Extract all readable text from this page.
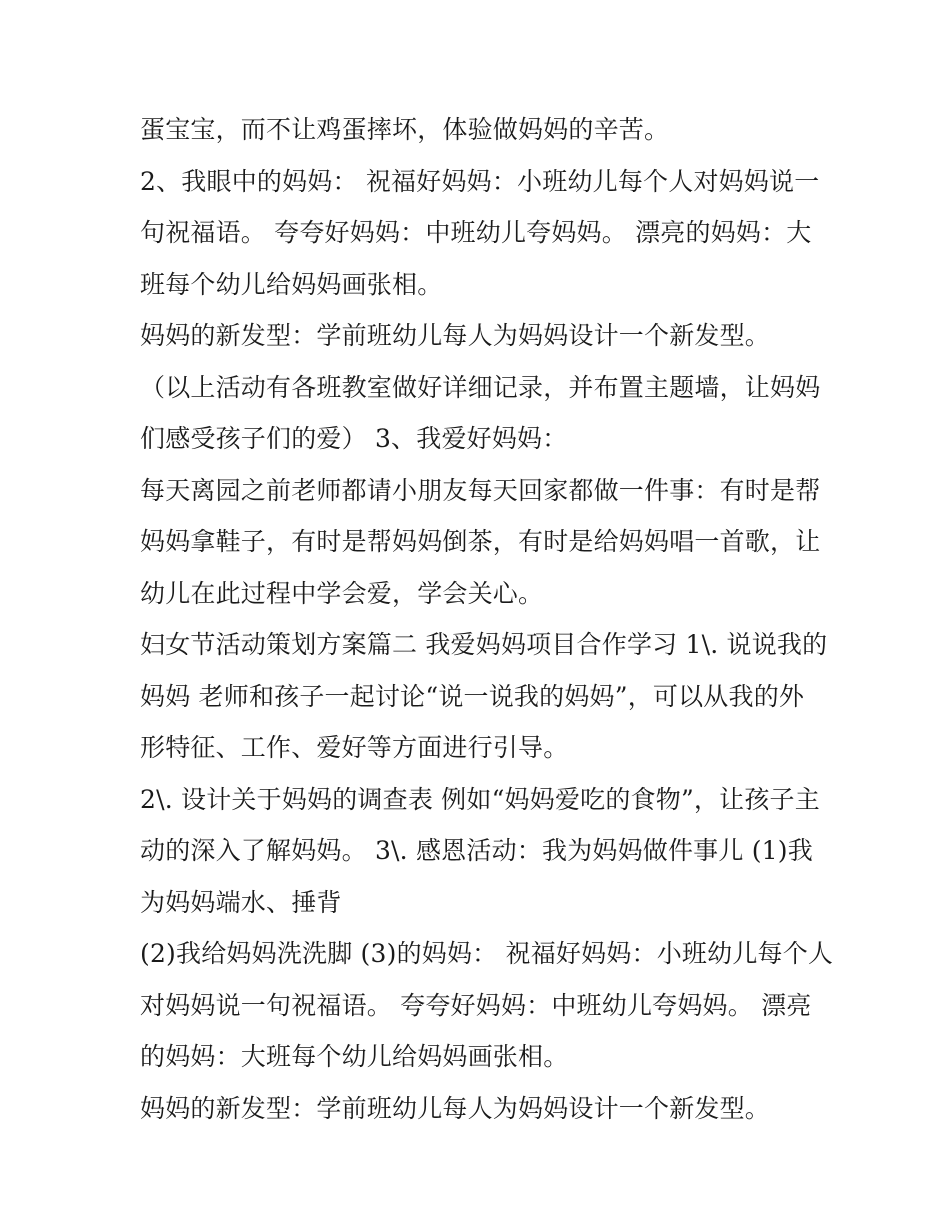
蛋宝宝，而不让鸡蛋摔坏，体验做妈妈的辛苦。
2、我眼中的妈妈： 祝福好妈妈：小班幼儿每个人对妈妈说一
句祝福语。 夸夸好妈妈：中班幼儿夸妈妈。 漂亮的妈妈：大
班每个幼儿给妈妈画张相。
妈妈的新发型：学前班幼儿每人为妈妈设计一个新发型。
（以上活动有各班教室做好详细记录，并布置主题墙，让妈妈
们感受孩子们的爱） 3、我爱好妈妈：
每天离园之前老师都请小朋友每天回家都做一件事：有时是帮
妈妈拿鞋子，有时是帮妈妈倒茶，有时是给妈妈唱一首歌，让
幼儿在此过程中学会爱，学会关心。
妇女节活动策划方案篇二 我爱妈妈项目合作学习 1\. 说说我的
妈妈 老师和孩子一起讨论“说一说我的妈妈”，可以从我的外
形特征、工作、爱好等方面进行引导。
2\. 设计关于妈妈的调查表 例如“妈妈爱吃的食物”，让孩子主
动的深入了解妈妈。 3\. 感恩活动：我为妈妈做件事儿 (1)我
为妈妈端水、捶背
(2)我给妈妈洗洗脚 (3)的妈妈： 祝福好妈妈：小班幼儿每个人
对妈妈说一句祝福语。 夸夸好妈妈：中班幼儿夸妈妈。 漂亮
的妈妈：大班每个幼儿给妈妈画张相。
妈妈的新发型：学前班幼儿每人为妈妈设计一个新发型。
